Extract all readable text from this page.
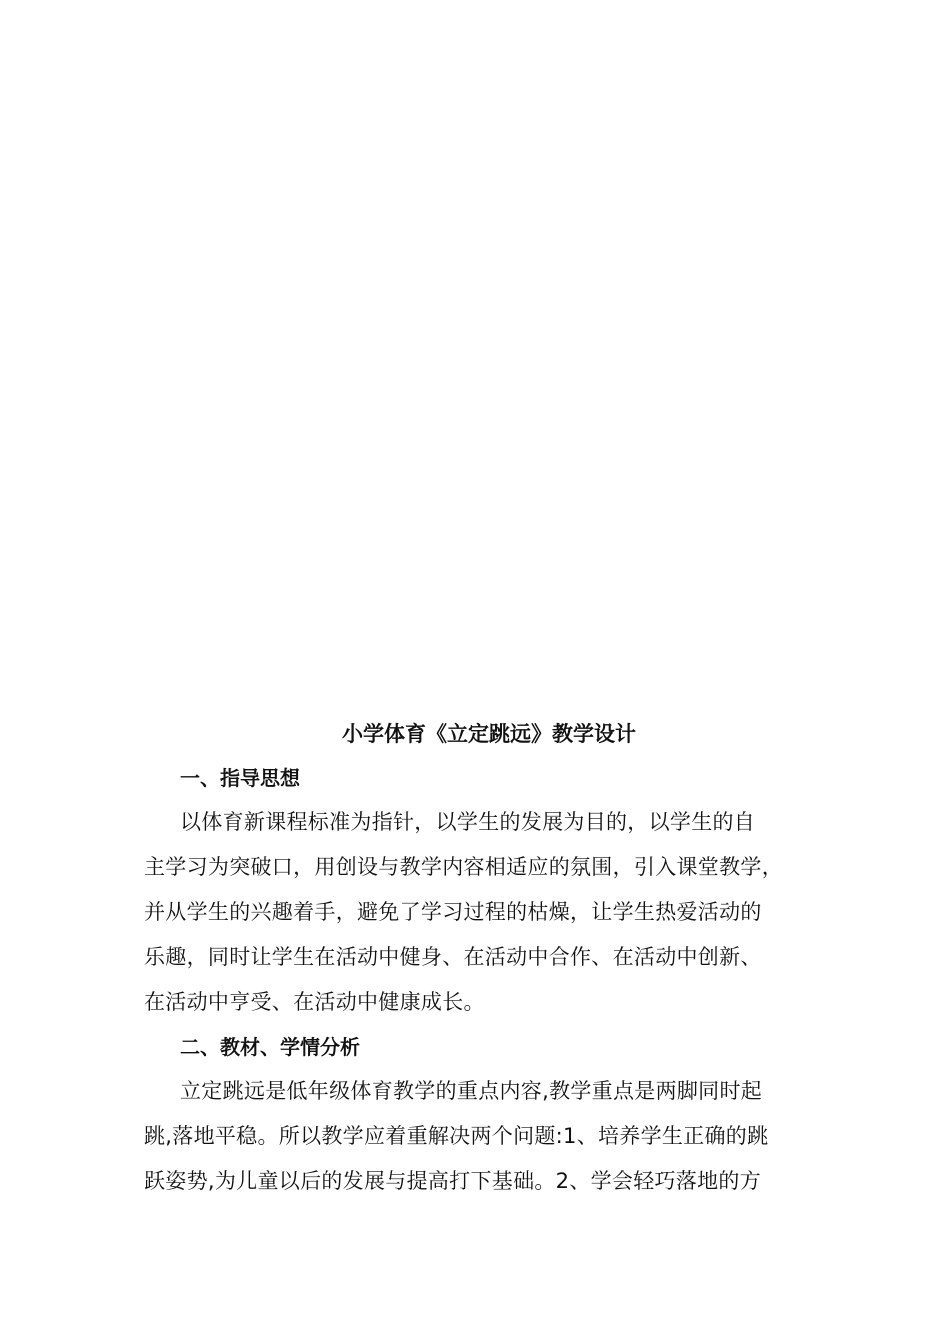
小学体育《立定跳远》教学设计
一、指导思想
以体育新课程标准为指针，以学生的发展为目的，以学生的自
主学习为突破口，用创设与教学内容相适应的氛围，引入课堂教学，
并从学生的兴趣着手，避免了学习过程的枯燥，让学生热爱活动的
乐趣，同时让学生在活动中健身、在活动中合作、在活动中创新、
在活动中亨受、在活动中健康成长。
二、教材、学情分析
立定跳远是低年级体育教学的重点内容,教学重点是两脚同时起
跳,落地平稳。所以教学应着重解决两个问题:1、培养学生正确的跳
跃姿势,为儿童以后的发展与提高打下基础。2、学会轻巧落地的方
